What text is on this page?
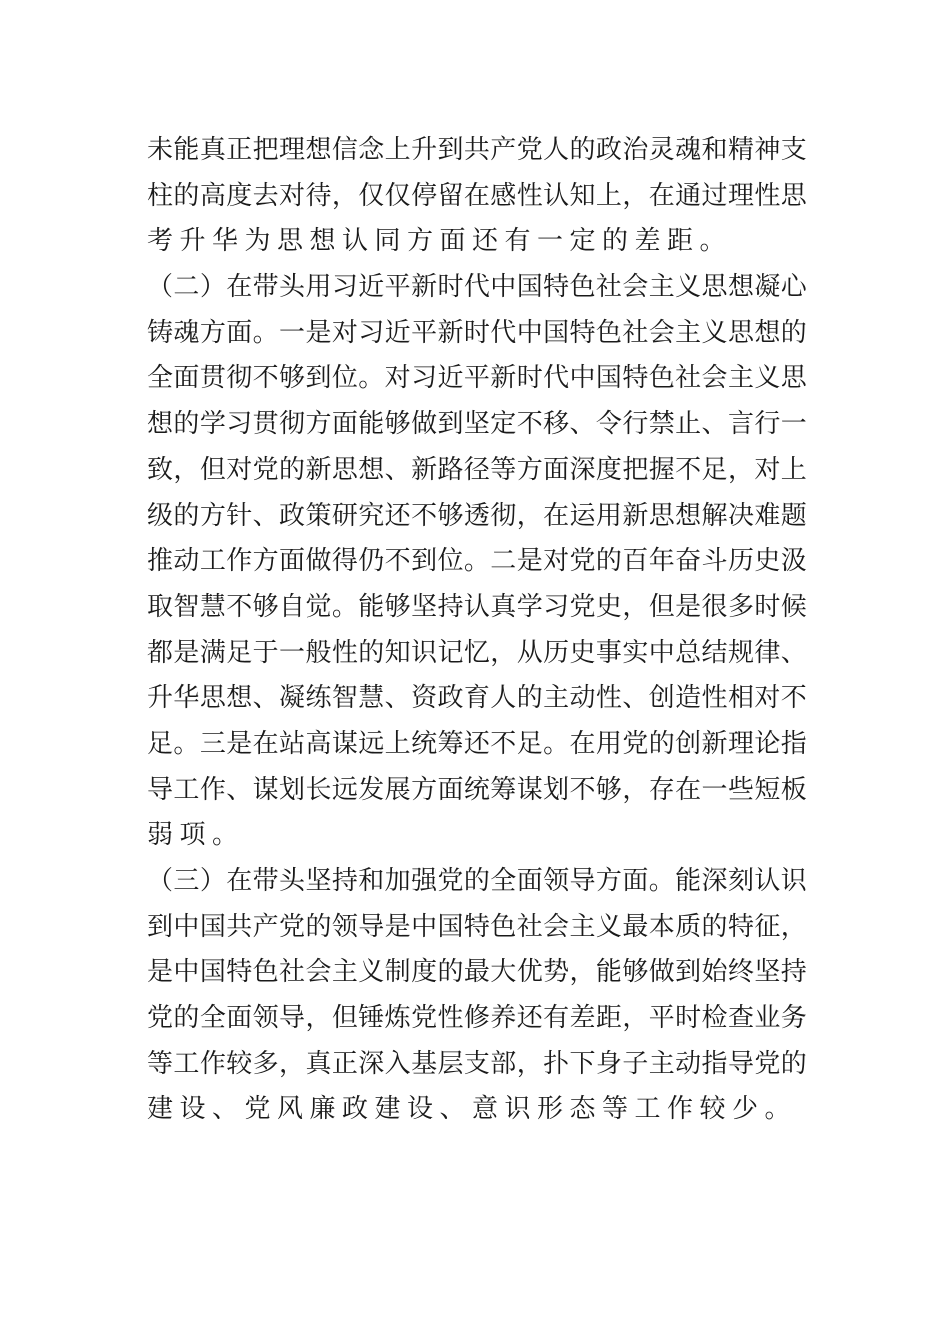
未 能 真 正 把 理 想 信 念 上 升 到 共 产 党 人 的 政 治 灵 魂 和 精 神 支
柱 的 高 度 去 对 待 ， 仅 仅 停 留 在 感 性 认 知 上 ， 在 通 过 理 性 思
考升华为思想认同方面还有一定的差距。
（ 二 ） 在 带 头 用 习 近 平 新 时 代 中 国 特 色 社 会 主 义 思 想 凝 心
铸 魂 方 面 。 一 是 对 习 近 平 新 时 代 中 国 特 色 社 会 主 义 思 想 的
全 面 贯 彻 不 够 到 位 。 对 习 近 平 新 时 代 中 国 特 色 社 会 主 义 思
想 的 学 习 贯 彻 方 面 能 够 做 到 坚 定 不 移 、 令 行 禁 止 、 言 行 一
致 ， 但 对 党 的 新 思 想 、 新 路 径 等 方 面 深 度 把 握 不 足 ， 对 上
级 的 方 针 、 政 策 研 究 还 不 够 透 彻 ， 在 运 用 新 思 想 解 决 难 题
推 动 工 作 方 面 做 得 仍 不 到 位 。 二 是 对 党 的 百 年 奋 斗 历 史 汲
取 智 慧 不 够 自 觉 。 能 够 坚 持 认 真 学 习 党 史 ， 但 是 很 多 时 候
都 是 满 足 于 一 般 性 的 知 识 记 忆 ， 从 历 史 事 实 中 总 结 规 律 、
升 华 思 想 、 凝 练 智 慧 、 资 政 育 人 的 主 动 性 、 创 造 性 相 对 不
足 。 三 是 在 站 高 谋 远 上 统 筹 还 不 足 。 在 用 党 的 创 新 理 论 指
导 工 作 、 谋 划 长 远 发 展 方 面 统 筹 谋 划 不 够 ， 存 在 一 些 短 板
弱项。
（ 三 ） 在 带 头 坚 持 和 加 强 党 的 全 面 领 导 方 面 。 能 深 刻 认 识
到 中 国 共 产 党 的 领 导 是 中 国 特 色 社 会 主 义 最 本 质 的 特 征 ，
是 中 国 特 色 社 会 主 义 制 度 的 最 大 优 势 ， 能 够 做 到 始 终 坚 持
党 的 全 面 领 导 ， 但 锤 炼 党 性 修 养 还 有 差 距 ， 平 时 检 查 业 务
等 工 作 较 多 ， 真 正 深 入 基 层 支 部 ， 扑 下 身 子 主 动 指 导 党 的
建设、党风廉政建设、意识形态等工作较少。
